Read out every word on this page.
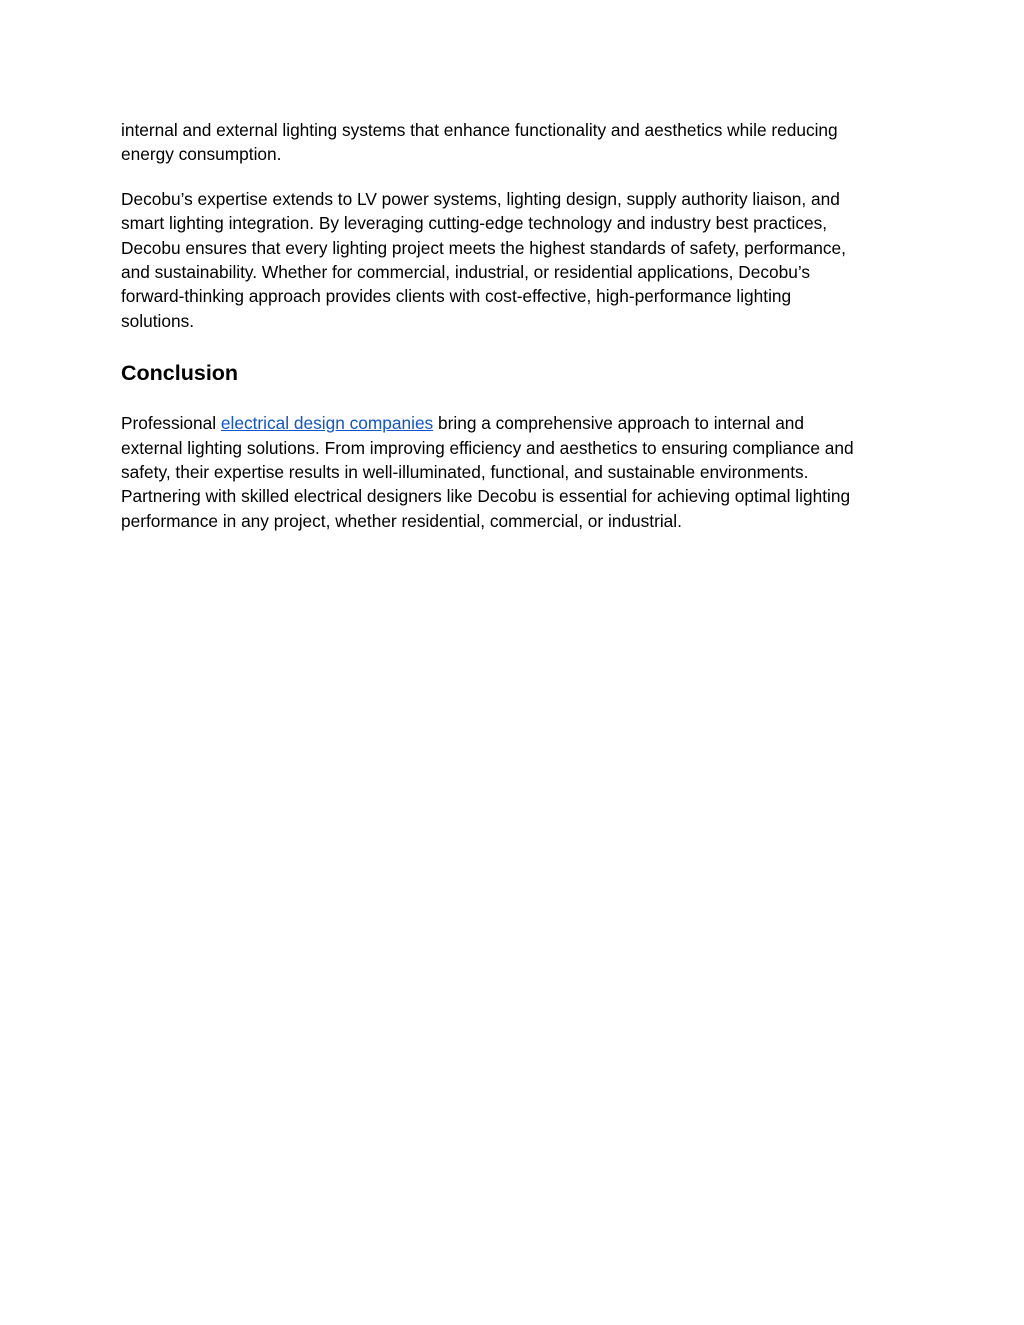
internal and external lighting systems that enhance functionality and aesthetics while reducing
energy consumption.

Decobu’s expertise extends to LV power systems, lighting design, supply authority liaison, and
smart lighting integration. By leveraging cutting-edge technology and industry best practices,
Decobu ensures that every lighting project meets the highest standards of safety, performance,
and sustainability. Whether for commercial, industrial, or residential applications, Decobu’s
forward-thinking approach provides clients with cost-effective, high-performance lighting
solutions.

Conclusion

Professional electrical design companies bring a comprehensive approach to internal and
external lighting solutions. From improving efficiency and aesthetics to ensuring compliance and
safety, their expertise results in well-illuminated, functional, and sustainable environments.
Partnering with skilled electrical designers like Decobu is essential for achieving optimal lighting
performance in any project, whether residential, commercial, or industrial.
